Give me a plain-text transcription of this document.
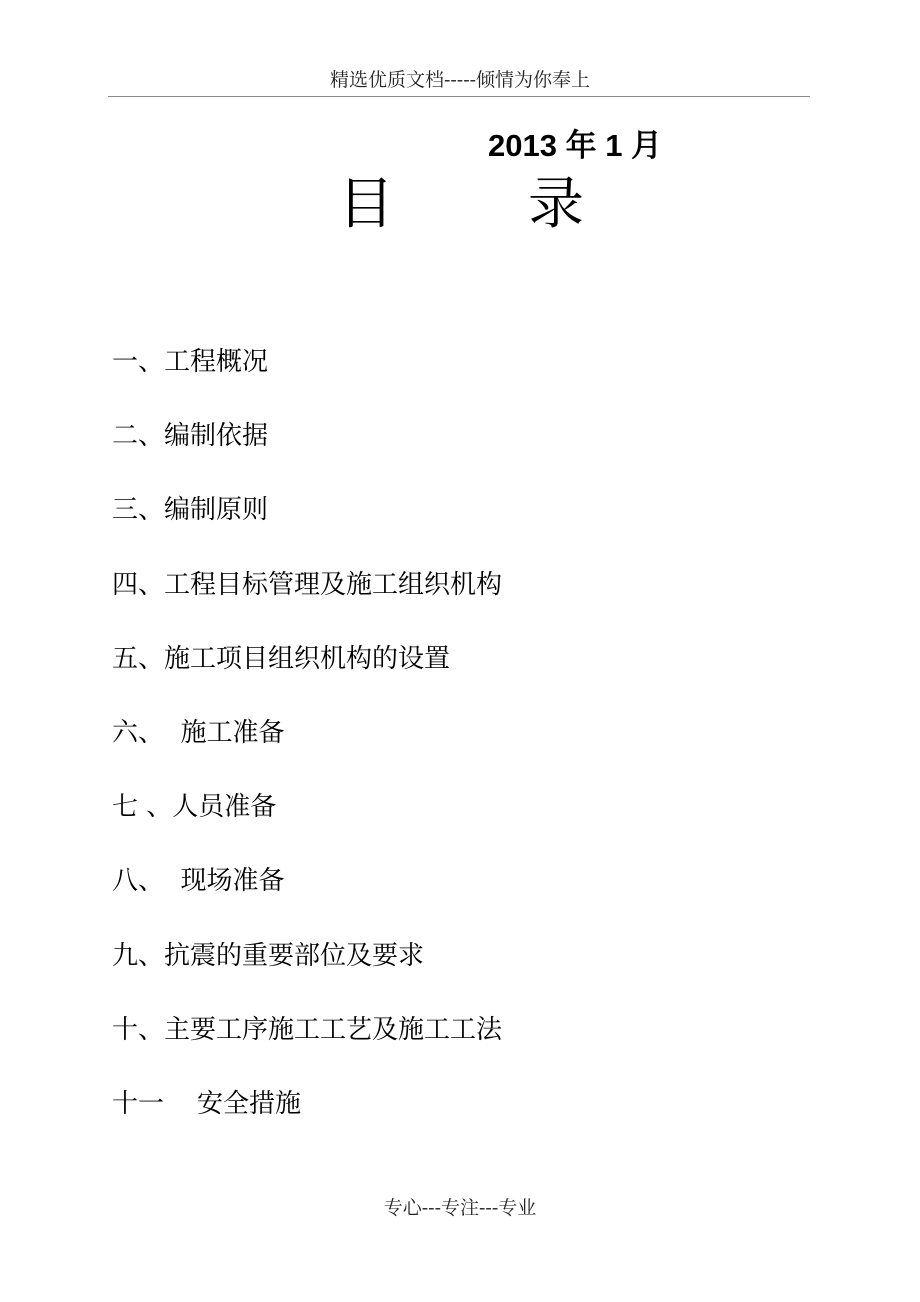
精选优质文档-----倾情为你奉上
2013 年 1 月
目 录
一、工程概况
二、编制依据
三、编制原则
四、工程目标管理及施工组织机构
五、施工项目组织机构的设置
六、  施工准备
七 、人员准备
八、  现场准备
九、抗震的重要部位及要求
十、主要工序施工工艺及施工工法
十一    安全措施
专心---专注---专业
